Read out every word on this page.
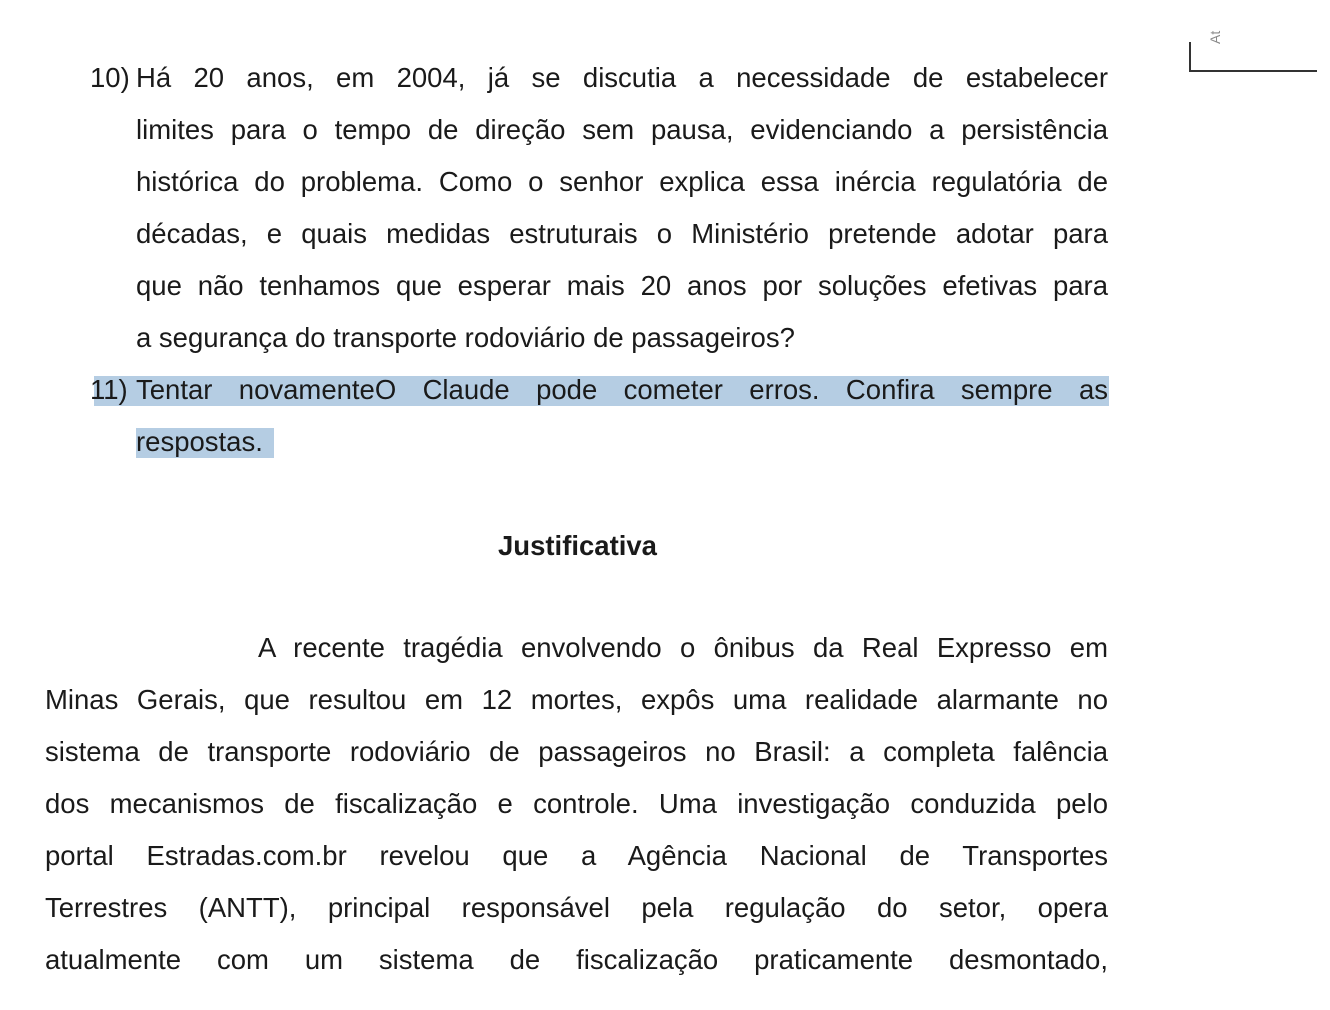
At
10) Há 20 anos, em 2004, já se discutia a necessidade de estabelecer
limites para o tempo de direção sem pausa, evidenciando a persistência
histórica do problema. Como o senhor explica essa inércia regulatória de
décadas, e quais medidas estruturais o Ministério pretende adotar para
que não tenhamos que esperar mais 20 anos por soluções efetivas para
a segurança do transporte rodoviário de passageiros?
11) Tentar novamenteO Claude pode cometer erros. Confira sempre as
respostas.
Justificativa
A recente tragédia envolvendo o ônibus da Real Expresso em
Minas Gerais, que resultou em 12 mortes, expôs uma realidade alarmante no
sistema de transporte rodoviário de passageiros no Brasil: a completa falência
dos mecanismos de fiscalização e controle. Uma investigação conduzida pelo
portal Estradas.com.br revelou que a Agência Nacional de Transportes
Terrestres (ANTT), principal responsável pela regulação do setor, opera
atualmente com um sistema de fiscalização praticamente desmontado,
